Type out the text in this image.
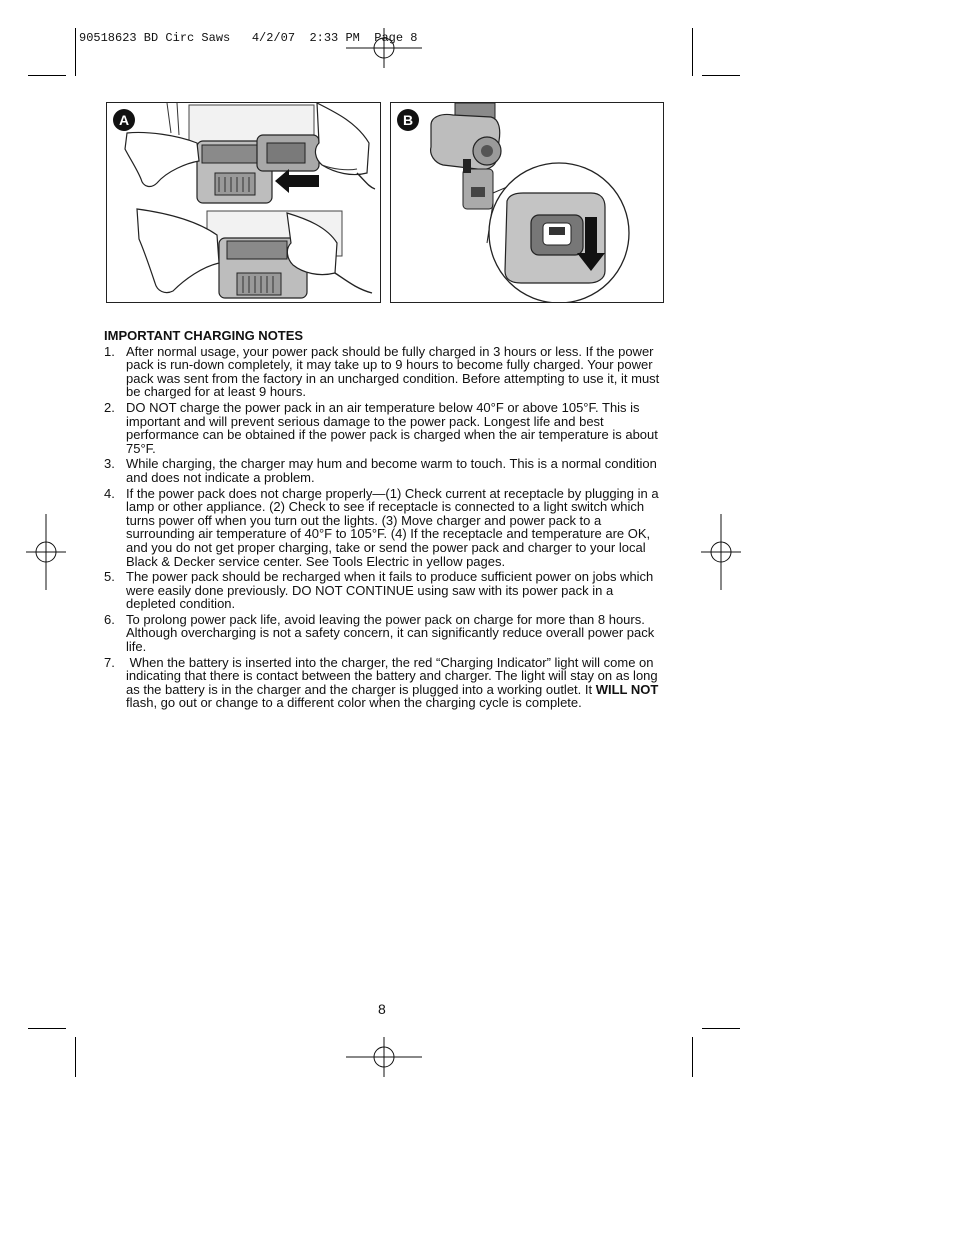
90518623 BD Circ Saws   4/2/07  2:33 PM  Page 8
A	B
IMPORTANT CHARGING NOTES
1. After normal usage, your power pack should be fully charged in 3 hours or less. If the power pack is run-down completely, it may take up to 9 hours to become fully charged. Your power pack was sent from the factory in an uncharged condition. Before attempting to use it, it must be charged for at least 9 hours.
2. DO NOT charge the power pack in an air temperature below 40°F or above 105°F. This is important and will prevent serious damage to the power pack. Longest life and best performance can be obtained if the power pack is charged when the air temperature is about 75°F.
3. While charging, the charger may hum and become warm to touch. This is a normal condition and does not indicate a problem.
4. If the power pack does not charge properly—(1) Check current at receptacle by plugging in a lamp or other appliance. (2) Check to see if receptacle is connected to a light switch which turns power off when you turn out the lights. (3) Move charger and power pack to a surrounding air temperature of 40°F to 105°F. (4) If the receptacle and temperature are OK, and you do not get proper charging, take or send the power pack and charger to your local Black & Decker service center. See Tools Electric in yellow pages.
5. The power pack should be recharged when it fails to produce sufficient power on jobs which were easily done previously. DO NOT CONTINUE using saw with its power pack in a depleted condition.
6. To prolong power pack life, avoid leaving the power pack on charge for more than 8 hours. Although overcharging is not a safety concern, it can significantly reduce overall power pack life.
7. When the battery is inserted into the charger, the red “Charging Indicator” light will come on  indicating that there is contact between the battery and charger. The light will stay on as long as the battery is in the charger and the charger is plugged into a working outlet. It WILL NOT flash, go out or change to a different color when the charging cycle is complete.
8
